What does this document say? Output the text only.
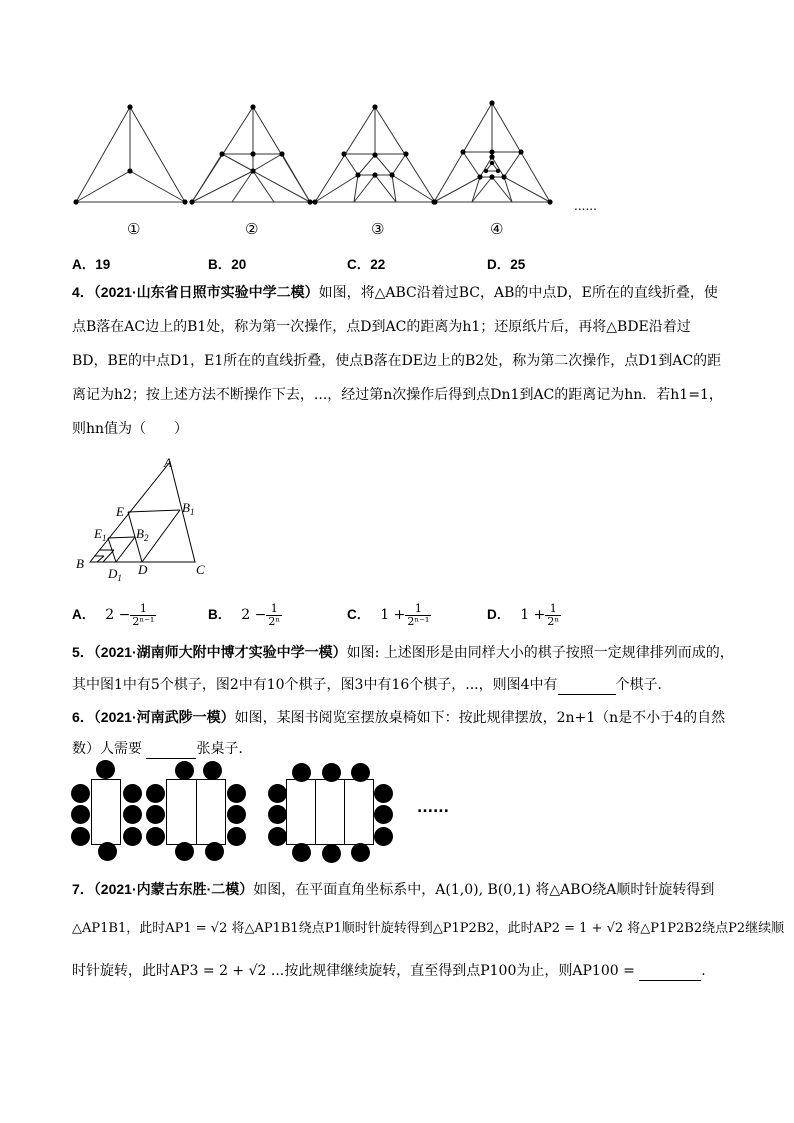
......
①	②	③	④
A．19	B．20	C．22	D．25
4．（2021·山东省日照市实验中学二模）如图，将△ABC沿着过BC，AB的中点D，E所在的直线折叠，使
点B落在AC边上的B1处，称为第一次操作，点D到AC的距离为h1；还原纸片后，再将△BDE沿着过
BD，BE的中点D1，E1所在的直线折叠，使点B落在DE边上的B2处，称为第二次操作，点D1到AC的距
离记为h2；按上述方法不断操作下去，...，经过第n次操作后得到点Dn1到AC的距离记为hn．若h1=1，
则hn值为（　　）
A
E	$B_1$
$B_2$
$E_1$
B
$D_1$
D	C
A． $2 - \frac{1}{\text{2ⁿ⁻¹}}$	B． $2 - \frac{1}{\text{2ⁿ}}$	C． $1 + \frac{1}{\text{2ⁿ⁻¹}}$	D． $1 + \frac{1}{\text{2ⁿ}}$
5．（2021·湖南师大附中博才实验中学一模）如图: 上述图形是由同样大小的棋子按照一定规律排列而成的，
其中图1中有5个棋子，图2中有10个棋子，图3中有16个棋子，...，则图4中有	个棋子．
6．（2021·河南武陟一模）如图，某图书阅览室摆放桌椅如下：按此规律摆放，2n+1（n是不小于4的自然
数）人需要	张桌子．
......
7．（2021·内蒙古东胜·二模）如图，在平面直角坐标系中，A(1,0), B(0,1) 将△ABO绕A顺时针旋转得到
△AP1B1，此时AP1 = √2 将△AP1B1绕点P1顺时针旋转得到△P1P2B2，此时AP2 = 1 + √2 将△P1P2B2绕点P2继续顺
时针旋转，此时AP3 = 2 + √2 ...按此规律继续旋转，直至得到点P100为止，则AP100 =	.
